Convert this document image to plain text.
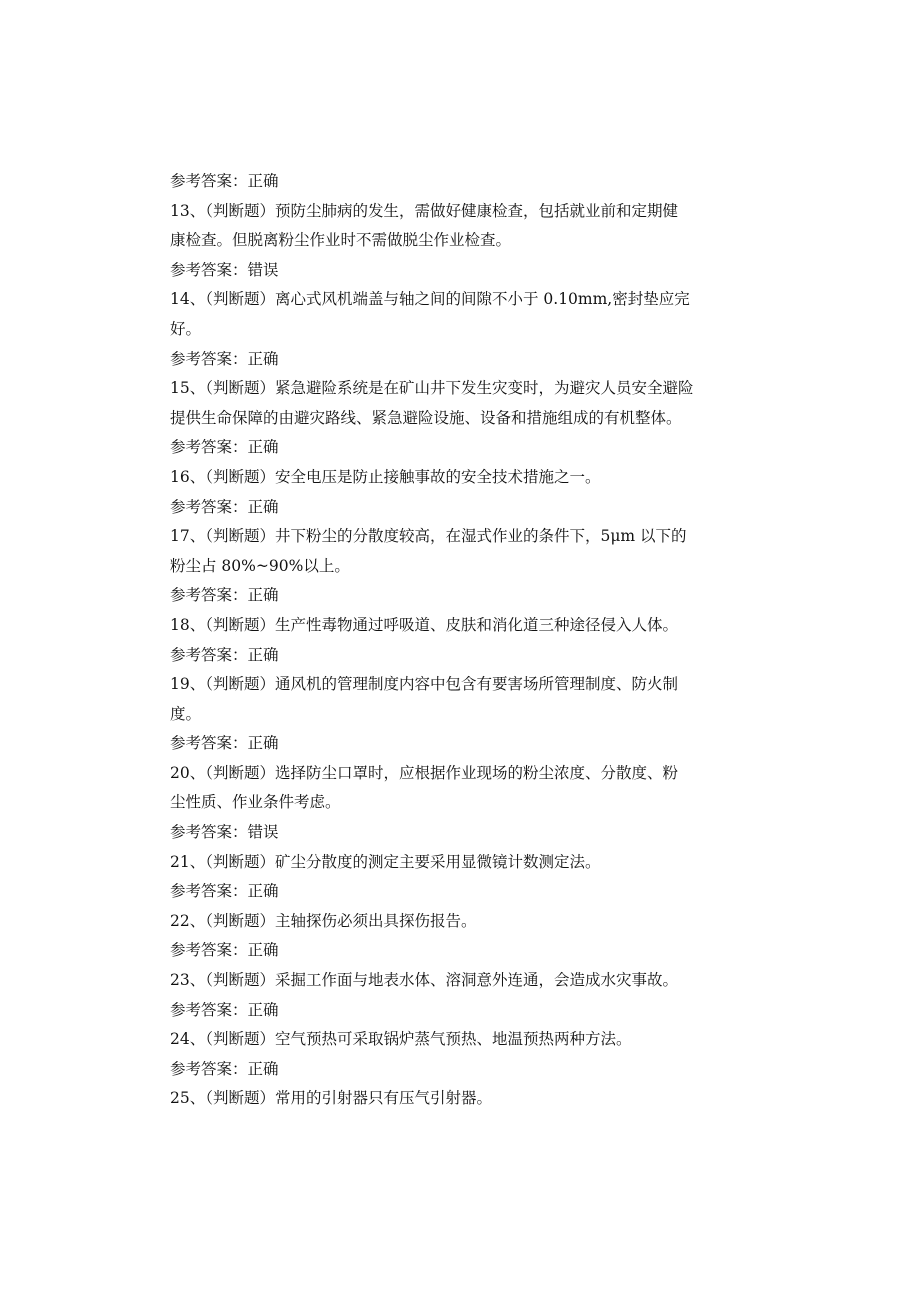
参考答案：正确
13、（判断题）预防尘肺病的发生，需做好健康检查，包括就业前和定期健
康检查。但脱离粉尘作业时不需做脱尘作业检查。
参考答案：错误
14、（判断题）离心式风机端盖与轴之间的间隙不小于 0.10mm,密封垫应完
好。
参考答案：正确
15、（判断题）紧急避险系统是在矿山井下发生灾变时，为避灾人员安全避险
提供生命保障的由避灾路线、紧急避险设施、设备和措施组成的有机整体。
参考答案：正确
16、（判断题）安全电压是防止接触事故的安全技术措施之一。
参考答案：正确
17、（判断题）井下粉尘的分散度较高，在湿式作业的条件下，5μm 以下的
粉尘占 80%~90%以上。
参考答案：正确
18、（判断题）生产性毒物通过呼吸道、皮肤和消化道三种途径侵入人体。
参考答案：正确
19、（判断题）通风机的管理制度内容中包含有要害场所管理制度、防火制
度。
参考答案：正确
20、（判断题）选择防尘口罩时，应根据作业现场的粉尘浓度、分散度、粉
尘性质、作业条件考虑。
参考答案：错误
21、（判断题）矿尘分散度的测定主要采用显微镜计数测定法。
参考答案：正确
22、（判断题）主轴探伤必须出具探伤报告。
参考答案：正确
23、（判断题）采掘工作面与地表水体、溶洞意外连通，会造成水灾事故。
参考答案：正确
24、（判断题）空气预热可采取锅炉蒸气预热、地温预热两种方法。
参考答案：正确
25、（判断题）常用的引射器只有压气引射器。
